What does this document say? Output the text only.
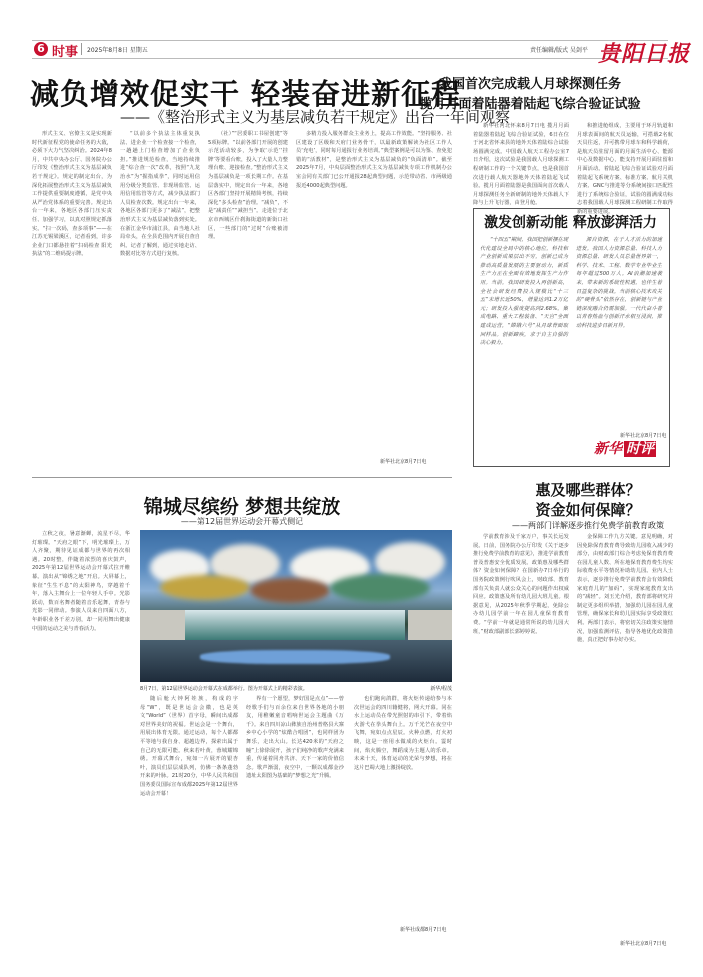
6 时事 2025年8月8日 星期五	责任编辑/版式 吴剑平 贵阳日报
减负增效促实干 轻装奋进新征程
——《整治形式主义为基层减负若干规定》出台一年间观察

形式主义、官僚主义是实现新时代新征程党的使命任务的大敌，必须下大力气坚决纠治。2024年8月，中共中央办公厅、国务院办公厅印发《整治形式主义为基层减负若干规定》。规定的制定出台，为深化拓展整治形式主义为基层减负工作提供重要制度遵循，是党中央从严治党体系的重要完善。规定出台一年来，各地区各部门压实责任、加强学习，以真对照规定抓落实。“扫一次码，查多项事”——在江苏无锡梁溪区，记者看到，许多企业门口都悬挂着“扫码检查 阳光执法”的二维码提示牌。

“以前多个执法主体重复执法、进企业一个检查接一个检查，一趟趟上门检查增加了企业负担。”推进规范检查，当地持续推进“综合查一次”改革，按照“九龙治水”为“握指成拳”，同时运用信用分级分类监管、非现场监管、运用信用监管等方式，减少执法部门人员检查次数。规定出台一年来，各地区各部门更多了“减法”，把整治形式主义为基层减负落到实处。在浙江金华市浦江县，由当地人社局牵头，在全县范围内开展自查自纠。记者了解到，通过实地走访、数据对比等方式进行复核。

（社）”“居委职工书屋创建”等5项标牌。“以前各部门开展的创建示范活动较多，为争取‘示范’‘挂牌’等要看台账，投入了大量人力整理台账、迎接检查。”整治形式主义为基层减负是一项长期工作。在基层落实中，规定出台一年来，各地区各部门坚持开展精简考核，持续深化“多头检查”治理。“减负”，不是“减责任”“减担当”。走进位于北京市西城区什刹海街道的新街口社区，一些部门的“过时”台账被清理。

多精力投入服务群众主业务上，提高工作效能。“坚持服务、社区建设了区级和天府门业务骨干，以最新政策解读为社区工作人员‘充电’，同时每月通报行业务培训。”典型案例是可以为鉴、查免犯错的“活教材”，是整治形式主义为基层减负的“负面清单”。截至2025年7月，中央层面整治形式主义为基层减负专项工作机制办公室会同有关部门已公开通报28起典型问题，示范带动省、市两级通报近4000起典型问题。

新华社北京8月7日电
我国首次完成载人月球探测任务
揽月月面着陆器着陆起飞综合验证试验

新华社河北怀来8月7日电 揽月月面着陆器着陆起飞综合验证试验，6日在位于河北省怀来县的地外天体着陆综合试验场圆满完成。中国载人航天工程办公室7日介绍，这次试验是我国载人月球探测工程研制工作的一个关键节点，也是我国首次进行载人航天器地外天体着陆起飞试验。揽月月面着陆器是我国面向首次载人月球探测任务全新研制的地外天体载人下降与上升飞行器，由登月舱。

和推进舱组成，主要用于环月轨道和月球表面间的航天员运输，可搭载2名航天员往返，并可携带月球车和科学载荷，是航天员驻留月面的月面生活中心、能源中心及数据中心，能支持开展月面驻留和月面活动。着陆起飞综合验证试验对月面着陆起飞系统方案、标准方案、航月关机方案、GNC与推进等分系统间接口匹配性进行了系统综合验证，试验的圆满成功标志着我国载人月球探测工程研制工作取得新的重要进展。

激发创新动能 释放澎湃活力

“十四五”期间，我国把创新摆在现代化建设全局中的核心地位，科技和产业创新成果层出不穷，创新已成为推动高质量发展的主要驱动力，新质生产力正在全面有效地发挥生产力作用。当前，我国研发投入再创新高，全社会研发经费投入规模比“十三五”末增长近50%，增量达到1.2万亿元；研发投入强度提高到2.68%。集成电路、重大工程装备、“天宫”全面建成运营，“嫦娥六号”从月球背面取回样品。创新蹄疾，求于自主自强的决心毅力。

源自资源，在于人才活力的加速迸发。我国人力资源总量、科技人力资源总量、研发人员总量世界第一，科学、技术、工程、数学专业毕业生每年超过500万人。AI浪潮加速袭来，带来新的系统性机遇，也伴生着日益复杂的挑战。当前核心技术攻关的“硬骨头”依然存在，创新链与产业链深度融合仍需加强。一代代奋斗者以青春热血与创新汗水相互浸润，推动科技进步日新月异。

新华社北京8月7日电
新华 时评
锦城尽缤纷 梦想共绽放
——第12届世界运动会开幕式侧记
8月7日，第12届世界运动会开幕式在成都举行。图为开幕式上的精彩表演。	新华/程茂

立秋之夜，暑意渐蝉，流星不尽，华灯璀璨。“天府之眼”下，明光璀璨上，万人齐聚，期待见证成都与世界的再次相遇。20时整，伴随着浓烈的喜庆鼓声，2025年第12届世界运动会开幕式拉开帷幕。演出从“锦绣之地”开启。大屏幕上，象征“生生不息”的太阳神鸟，穿越着千年，落入主舞台上一位年轻人手中。光影跃动，数百名舞者随着音乐起舞，青春与光影一同律动。参演人员来自四面八方，年龄职业各千差万别，却一同用舞出健康中国的运动之美与青春活力。

随后舱大钟阿娃族，构成的字母“W”，既是世运会会徽，也是英文“World”（世界）首字母，瞬间出成都对世界美好的祝福。世运会是一个舞台，用展出体育无限。通过运动，每个人都都平等地与我自身、超越边界，探索出属于自己的无限可能。秋来若叶黄，蓉城耀锦绣。开幕式舞台，宛如一片展开的银杏叶，演员们层层成队列，仿佛一条条蓬勃开来的叶脉。21时20分，中华人民共和国国务委员国际宣布成都2025年第12届世界运动会开幕！

界有一个愿望，梦好国是点点”——曾经歌手们与百余位来自世界各地的小朋友，用稚嫩童音唱响世运会主题曲《万千》。来自四川凉山彝族自治州普格县大寨乡中心小学的“炫酷合唱团”，也同样团为舞乐，走出大山。长达420米的“天府之瞳”上徐徐展开，孩子们纯净的歌声充满来重，传递着同舟共济、天下一家的价值信念。歌声渐弱，夜空中，一颗以成都金沙遗址太阳图为基础的“梦想之光”升腾。

也们跑向鸽群，将火炬传递给参与本次世运会的四川籍健将，网大开幕。同在水上运动员在带光照射的串引下，带着焰火游弋在拳头舞台上。万千光芒在夜空中飞舞，宛如点点星辰。火种点燃，灯火初映，这是一座用水做成的火炬台。霎时间，焰火腾空，舞蹈成为主题人的乐章。未来十天，体育运动的光荣与梦想，将在这片巴蜀大地上激扬绽放。

新华社成都8月7日电
惠及哪些群体？
资金如何保障？
——两部门详解逐步推行免费学前教育政策

学前教育涉及千家万户，事关长远发展。日前，国务院办公厅印发《关于逐步推行免费学前教育的意见》，推进学前教育普及普惠安全优质发展。政策惠及哪些群体？资金如何保障？在国新办7日举行的国务院政策例行吹风会上，财政部、教育部有关负责人就公众关心的问题作出权威回应。政策惠及所有幼儿园大班儿童。根据意见，从2025年秋季学期起，免除公办幼儿园学前一年在园儿童保育教育费。“学前一年就是通常所说的幼儿园大班，”财政部副部长郭婷婷说。

金保障工作九方关键。意见明确，对因免除保育教育费导致幼儿园收入减少的部分，由财政部门综合考虑免保育教育费在园儿童人数、所在地保育教育费生均实际收费水平等情况补助幼儿园。业内人士表示，逐步推行免费学前教育会有效降低家庭育儿的“加码”，实现家庭教育支出的“减轻”。刘玉光介绍，教育部将研究并制定更多组织举措，加强幼儿园在园儿童管理，确保家长和幼儿园实际享受政策红利。两部门表示，将密切关注政策实施情况，加强监测评估，指导各地优化政策措施，真正把好事办好办实。

新华社北京8月7日电
